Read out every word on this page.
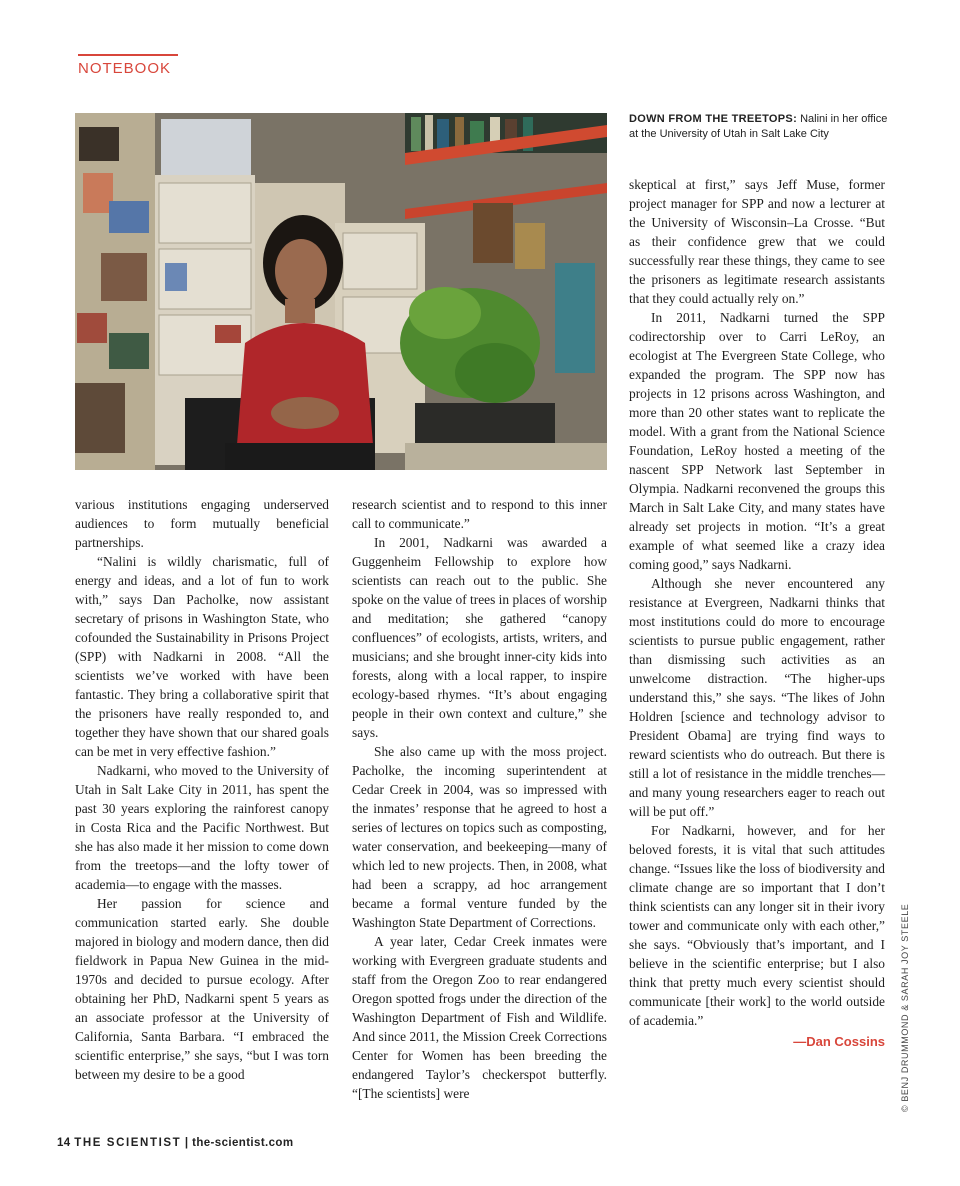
NOTEBOOK
DOWN FROM THE TREETOPS: Nalini in her office at the University of Utah in Salt Lake City

various institutions engaging underserved audiences to form mutually beneficial partnerships.

“Nalini is wildly charismatic, full of energy and ideas, and a lot of fun to work with,” says Dan Pacholke, now assistant secretary of prisons in Washington State, who cofounded the Sustainability in Prisons Project (SPP) with Nadkarni in 2008. “All the scientists we’ve worked with have been fantastic. They bring a collaborative spirit that the prisoners have really responded to, and together they have shown that our shared goals can be met in very effective fashion.”

Nadkarni, who moved to the University of Utah in Salt Lake City in 2011, has spent the past 30 years exploring the rainforest canopy in Costa Rica and the Pacific Northwest. But she has also made it her mission to come down from the treetops—and the lofty tower of academia—to engage with the masses.

Her passion for science and communication started early. She double majored in biology and modern dance, then did fieldwork in Papua New Guinea in the mid-1970s and decided to pursue ecology. After obtaining her PhD, Nadkarni spent 5 years as an associate professor at the University of California, Santa Barbara. “I embraced the scientific enterprise,” she says, “but I was torn between my desire to be a good

research scientist and to respond to this inner call to communicate.”

In 2001, Nadkarni was awarded a Guggenheim Fellowship to explore how scientists can reach out to the public. She spoke on the value of trees in places of worship and meditation; she gathered “canopy confluences” of ecologists, artists, writers, and musicians; and she brought inner-city kids into forests, along with a local rapper, to inspire ecology-based rhymes. “It’s about engaging people in their own context and culture,” she says.

She also came up with the moss project. Pacholke, the incoming superintendent at Cedar Creek in 2004, was so impressed with the inmates’ response that he agreed to host a series of lectures on topics such as composting, water conservation, and beekeeping—many of which led to new projects. Then, in 2008, what had been a scrappy, ad hoc arrangement became a formal venture funded by the Washington State Department of Corrections.

A year later, Cedar Creek inmates were working with Evergreen graduate students and staff from the Oregon Zoo to rear endangered Oregon spotted frogs under the direction of the Washington Department of Fish and Wildlife. And since 2011, the Mission Creek Corrections Center for Women has been breeding the endangered Taylor’s checkerspot butterfly. “[The scientists] were

skeptical at first,” says Jeff Muse, former project manager for SPP and now a lecturer at the University of Wisconsin–La Crosse. “But as their confidence grew that we could successfully rear these things, they came to see the prisoners as legitimate research assistants that they could actually rely on.”

In 2011, Nadkarni turned the SPP codirectorship over to Carri LeRoy, an ecologist at The Evergreen State College, who expanded the program. The SPP now has projects in 12 prisons across Washington, and more than 20 other states want to replicate the model. With a grant from the National Science Foundation, LeRoy hosted a meeting of the nascent SPP Network last September in Olympia. Nadkarni reconvened the groups this March in Salt Lake City, and many states have already set projects in motion. “It’s a great example of what seemed like a crazy idea coming good,” says Nadkarni.

Although she never encountered any resistance at Evergreen, Nadkarni thinks that most institutions could do more to encourage scientists to pursue public engagement, rather than dismissing such activities as an unwelcome distraction. “The higher-ups understand this,” she says. “The likes of John Holdren [science and technology advisor to President Obama] are trying find ways to reward scientists who do outreach. But there is still a lot of resistance in the middle trenches—and many young researchers eager to reach out will be put off.”

For Nadkarni, however, and for her beloved forests, it is vital that such attitudes change. “Issues like the loss of biodiversity and climate change are so important that I don’t think scientists can any longer sit in their ivory tower and communicate only with each other,” she says. “Obviously that’s important, and I believe in the scientific enterprise; but I also think that pretty much every scientist should communicate [their work] to the world outside of academia.”

—Dan Cossins © BENJ DRUMMOND & SARAH JOY STEELE
14 THE SCIENTIST | the-scientist.com
